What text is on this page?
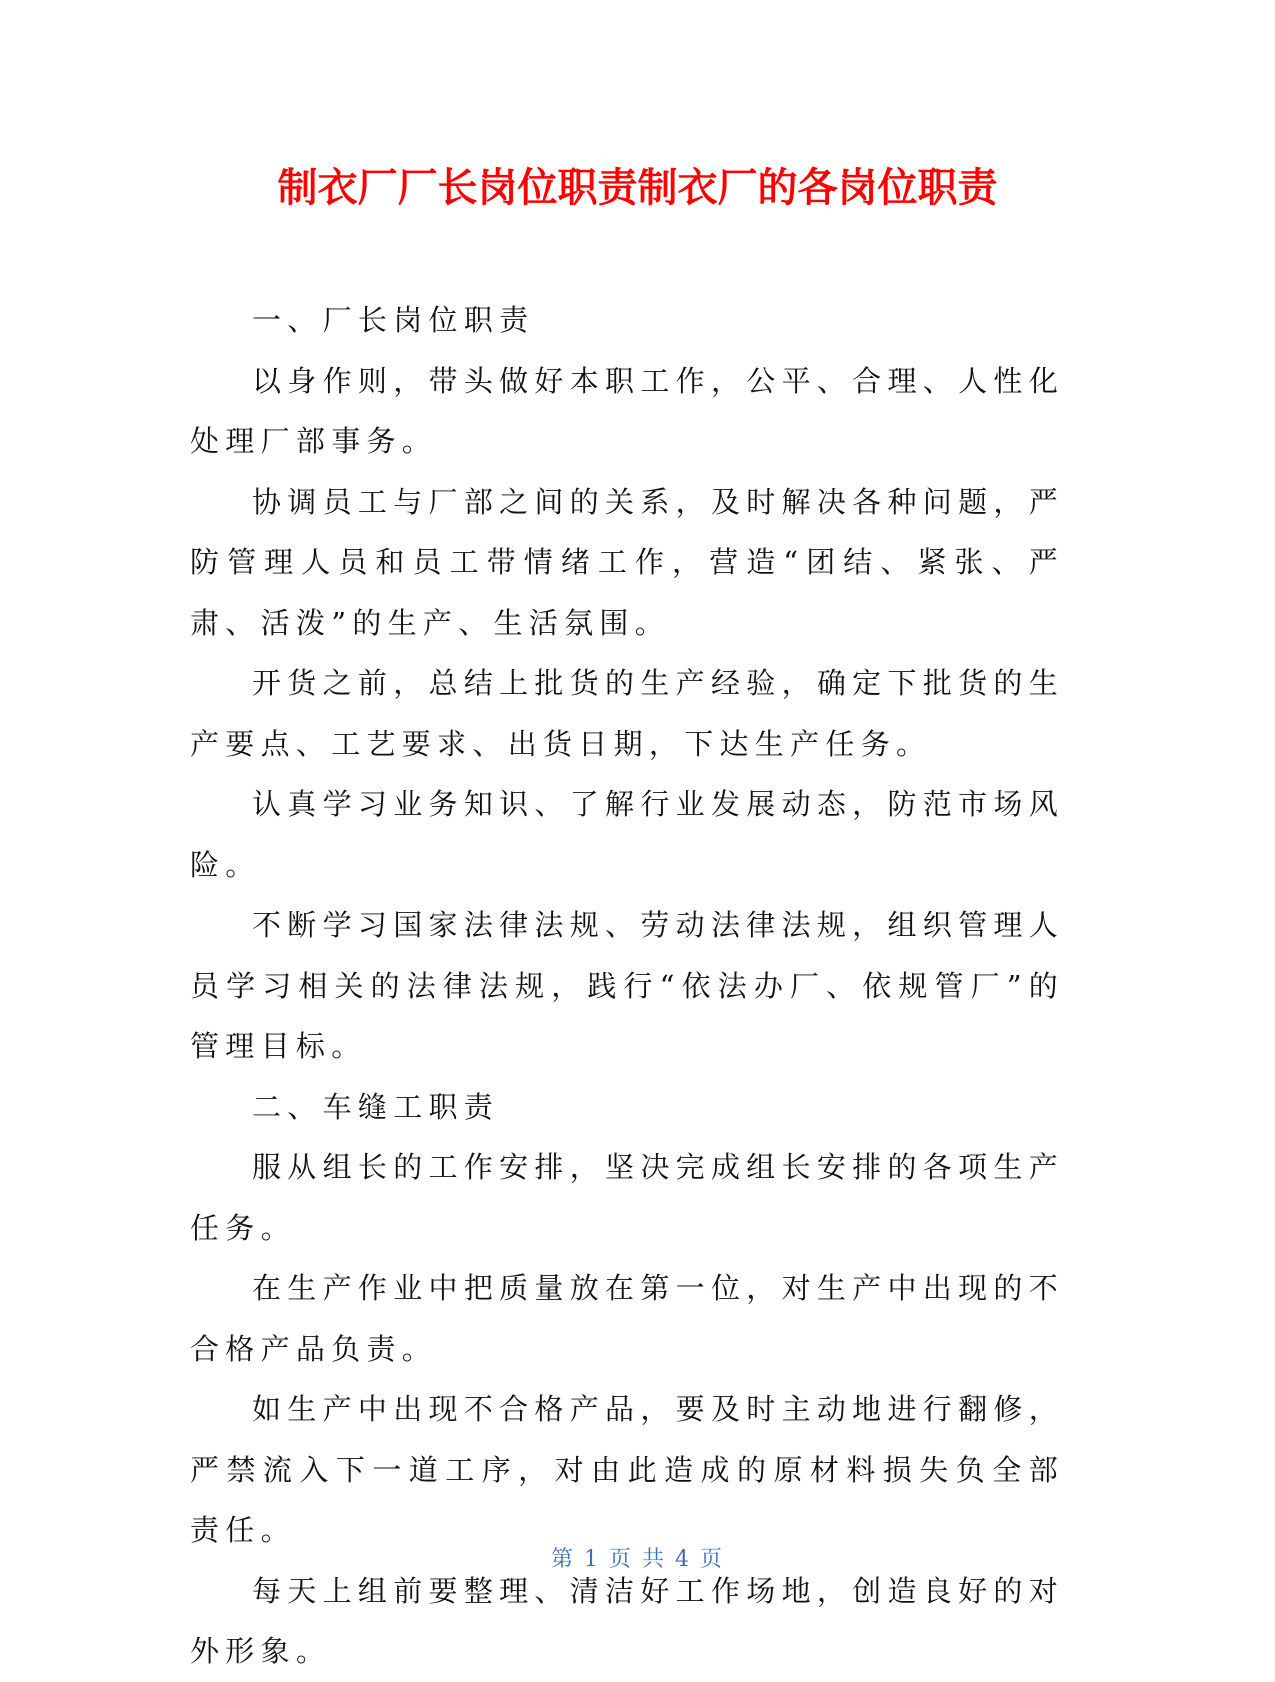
制衣厂厂长岗位职责制衣厂的各岗位职责

一、厂长岗位职责

以身作则，带头做好本职工作，公平、合理、人性化处理厂部事务。

协调员工与厂部之间的关系，及时解决各种问题，严防管理人员和员工带情绪工作，营造“团结、紧张、严肃、活泼”的生产、生活氛围。

开货之前，总结上批货的生产经验，确定下批货的生产要点、工艺要求、出货日期，下达生产任务。

认真学习业务知识、了解行业发展动态，防范市场风险。

不断学习国家法律法规、劳动法律法规，组织管理人员学习相关的法律法规，践行“依法办厂、依规管厂”的管理目标。

二、车缝工职责

服从组长的工作安排，坚决完成组长安排的各项生产任务。

在生产作业中把质量放在第一位，对生产中出现的不合格产品负责。

如生产中出现不合格产品，要及时主动地进行翻修，严禁流入下一道工序，对由此造成的原材料损失负全部责任。

每天上组前要整理、清洁好工作场地，创造良好的对外形象。

第 1 页 共 4 页
